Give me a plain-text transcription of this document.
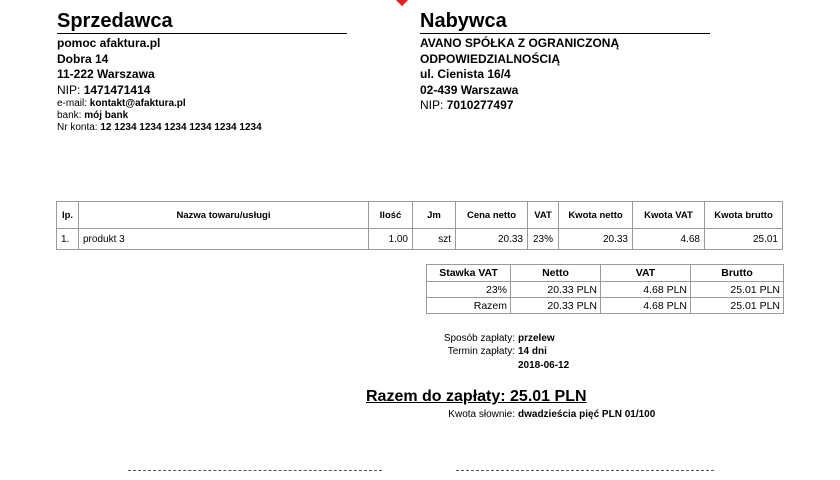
Sprzedawca
pomoc afaktura.pl
Dobra 14
11-222 Warszawa
NIP: 1471471414
e-mail: kontakt@afaktura.pl
bank: mój bank
Nr konta: 12 1234 1234 1234 1234 1234 1234
Nabywca
AVANO SPÓŁKA Z OGRANICZONĄ
ODPOWIEDZIALNOŚCIĄ
ul. Cienista 16/4
02-439 Warszawa
NIP: 7010277497
lp.	Nazwa towaru/usługi	Ilość	Jm	Cena netto	VAT	Kwota netto	Kwota VAT	Kwota brutto
1.	produkt 3	1.00	szt	20.33	23%	20.33	4.68	25.01
Stawka VAT	Netto	VAT	Brutto
23%	20.33 PLN	4.68 PLN	25.01 PLN
Razem	20.33 PLN	4.68 PLN	25.01 PLN
Sposób zapłaty: przelew
Termin zapłaty: 14 dni
2018-06-12
Razem do zapłaty: 25.01 PLN
Kwota słownie: dwadzieścia pięć PLN 01/100
